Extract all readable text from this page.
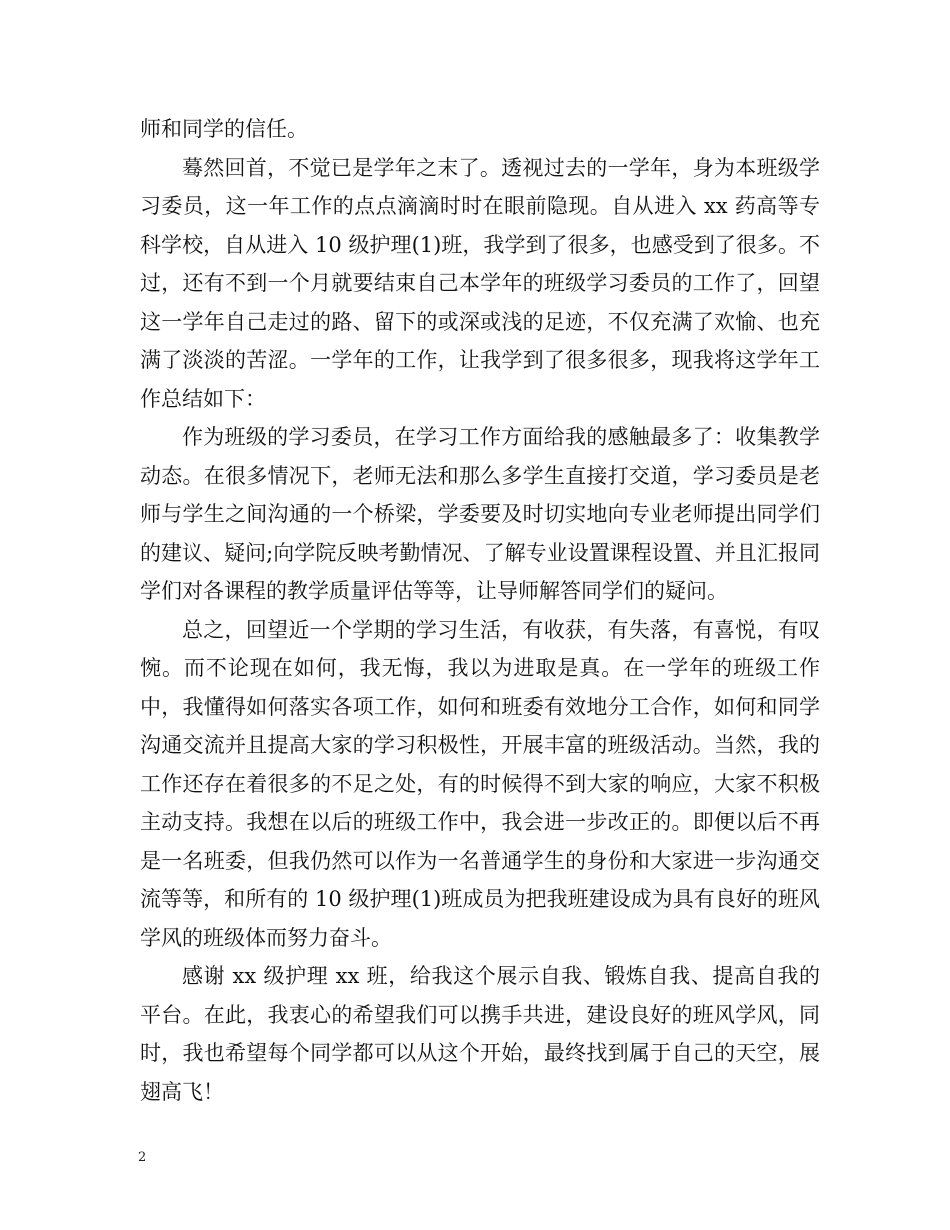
师和同学的信任。

蓦然回首，不觉已是学年之末了。透视过去的一学年，身为本班级学习委员，这一年工作的点点滴滴时时在眼前隐现。自从进入 xx 药高等专科学校，自从进入 10 级护理(1)班，我学到了很多，也感受到了很多。不过，还有不到一个月就要结束自己本学年的班级学习委员的工作了，回望这一学年自己走过的路、留下的或深或浅的足迹，不仅充满了欢愉、也充满了淡淡的苦涩。一学年的工作，让我学到了很多很多，现我将这学年工作总结如下：

作为班级的学习委员，在学习工作方面给我的感触最多了：收集教学动态。在很多情况下，老师无法和那么多学生直接打交道，学习委员是老师与学生之间沟通的一个桥梁，学委要及时切实地向专业老师提出同学们的建议、疑问;向学院反映考勤情况、了解专业设置课程设置、并且汇报同学们对各课程的教学质量评估等等，让导师解答同学们的疑问。

总之，回望近一个学期的学习生活，有收获，有失落，有喜悦，有叹惋。而不论现在如何，我无悔，我以为进取是真。在一学年的班级工作中，我懂得如何落实各项工作，如何和班委有效地分工合作，如何和同学沟通交流并且提高大家的学习积极性，开展丰富的班级活动。当然，我的工作还存在着很多的不足之处，有的时候得不到大家的响应，大家不积极主动支持。我想在以后的班级工作中，我会进一步改正的。即便以后不再是一名班委，但我仍然可以作为一名普通学生的身份和大家进一步沟通交流等等，和所有的 10 级护理(1)班成员为把我班建设成为具有良好的班风学风的班级体而努力奋斗。

感谢 xx 级护理 xx 班，给我这个展示自我、锻炼自我、提高自我的平台。在此，我衷心的希望我们可以携手共进，建设良好的班风学风，同时，我也希望每个同学都可以从这个开始，最终找到属于自己的天空，展翅高飞！

2
